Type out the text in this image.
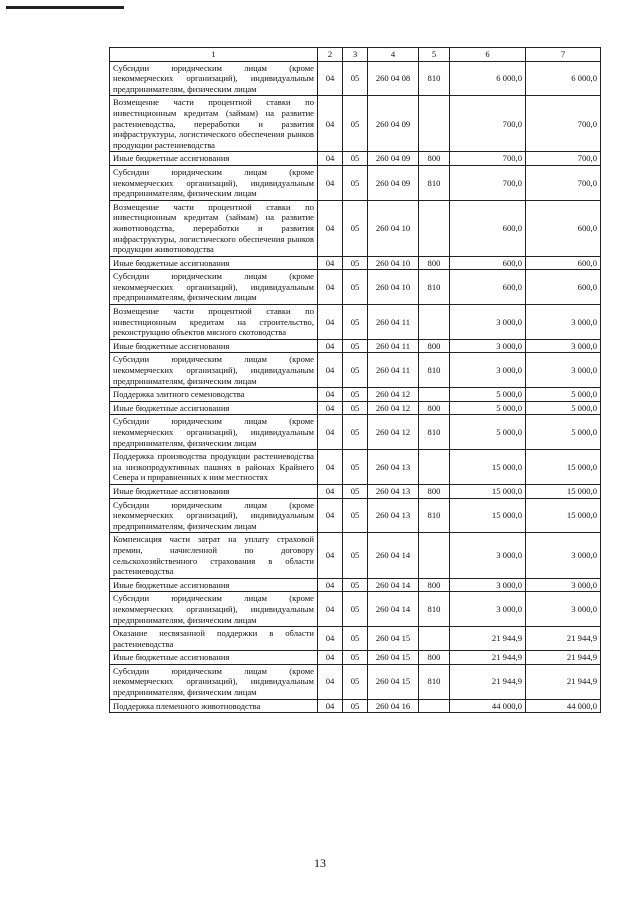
1	2	3	4	5	6	7
Субсидии юридическим лицам (кроме некоммерческих организаций), индивидуальным предпринимателям, физическим лицам	04	05	260 04 08	810	6 000,0	6 000,0
Возмещение части процентной ставки по инвестиционным кредитам (займам) на развитие растениеводства, переработки и развития инфраструктуры, логистического обеспечения рынков продукции растениеводства	04	05	260 04 09		700,0	700,0
Иные бюджетные ассигнования	04	05	260 04 09	800	700,0	700,0
Субсидии юридическим лицам (кроме некоммерческих организаций), индивидуальным предпринимателям, физическим лицам	04	05	260 04 09	810	700,0	700,0
Возмещение части процентной ставки по инвестиционным кредитам (займам) на развитие животноводства, переработки и развития инфраструктуры, логистического обеспечения рынков продукции животноводства	04	05	260 04 10		600,0	600,0
Иные бюджетные ассигнования	04	05	260 04 10	800	600,0	600,0
Субсидии юридическим лицам (кроме некоммерческих организаций), индивидуальным предпринимателям, физическим лицам	04	05	260 04 10	810	600,0	600,0
Возмещение части процентной ставки по инвестиционным кредитам на строительство, реконструкцию объектов мясного скотоводства	04	05	260 04 11		3 000,0	3 000,0
Иные бюджетные ассигнования	04	05	260 04 11	800	3 000,0	3 000,0
Субсидии юридическим лицам (кроме некоммерческих организаций), индивидуальным предпринимателям, физическим лицам	04	05	260 04 11	810	3 000,0	3 000,0
Поддержка элитного семеноводства	04	05	260 04 12		5 000,0	5 000,0
Иные бюджетные ассигнования	04	05	260 04 12	800	5 000,0	5 000,0
Субсидии юридическим лицам (кроме некоммерческих организаций), индивидуальным предпринимателям, физическим лицам	04	05	260 04 12	810	5 000,0	5 000,0
Поддержка производства продукции растениеводства на низкопродуктивных пашнях в районах Крайнего Севера и приравненных к ним местностях	04	05	260 04 13		15 000,0	15 000,0
Иные бюджетные ассигнования	04	05	260 04 13	800	15 000,0	15 000,0
Субсидии юридическим лицам (кроме некоммерческих организаций), индивидуальным предпринимателям, физическим лицам	04	05	260 04 13	810	15 000,0	15 000,0
Компенсация части затрат на уплату страховой премии, начисленной по договору сельскохозяйственного страхования в области растениеводства	04	05	260 04 14		3 000,0	3 000,0
Иные бюджетные ассигнования	04	05	260 04 14	800	3 000,0	3 000,0
Субсидии юридическим лицам (кроме некоммерческих организаций), индивидуальным предпринимателям, физическим лицам	04	05	260 04 14	810	3 000,0	3 000,0
Оказание несвязанной поддержки в области растениеводства	04	05	260 04 15		21 944,9	21 944,9
Иные бюджетные ассигнования	04	05	260 04 15	800	21 944,9	21 944,9
Субсидии юридическим лицам (кроме некоммерческих организаций), индивидуальным предпринимателям, физическим лицам	04	05	260 04 15	810	21 944,9	21 944,9
Поддержка племенного животноводства	04	05	260 04 16		44 000,0	44 000,0
13
